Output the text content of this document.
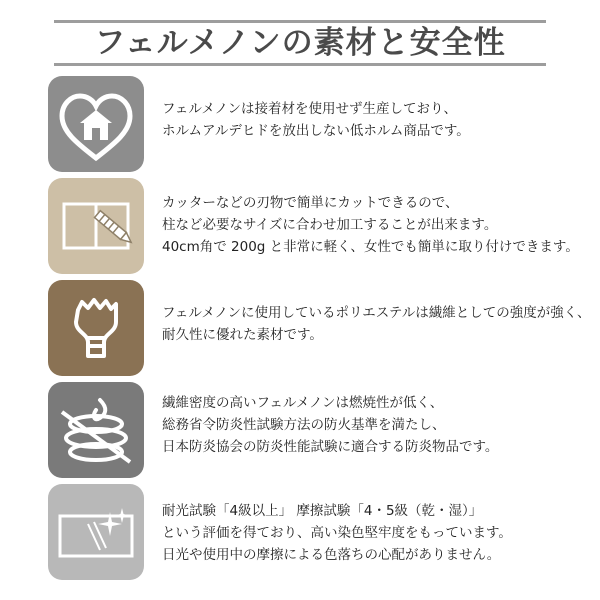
フェルメノンの素材と安全性

フェルメノンは接着材を使用せず生産しており、

ホルムアルデヒドを放出しない低ホルム商品です。

カッターなどの刃物で簡単にカットできるので、

柱など必要なサイズに合わせ加工することが出来ます。

40cm角で 200g と非常に軽く、女性でも簡単に取り付けできます。

フェルメノンに使用しているポリエステルは繊維としての強度が強く、

耐久性に優れた素材です。

繊維密度の高いフェルメノンは燃焼性が低く、

総務省令防炎性試験方法の防火基準を満たし、

日本防炎協会の防炎性能試験に適合する防炎物品です。

耐光試験「4級以上」 摩擦試験「4・5級（乾・湿）」

という評価を得ており、高い染色堅牢度をもっています。

日光や使用中の摩擦による色落ちの心配がありません。
